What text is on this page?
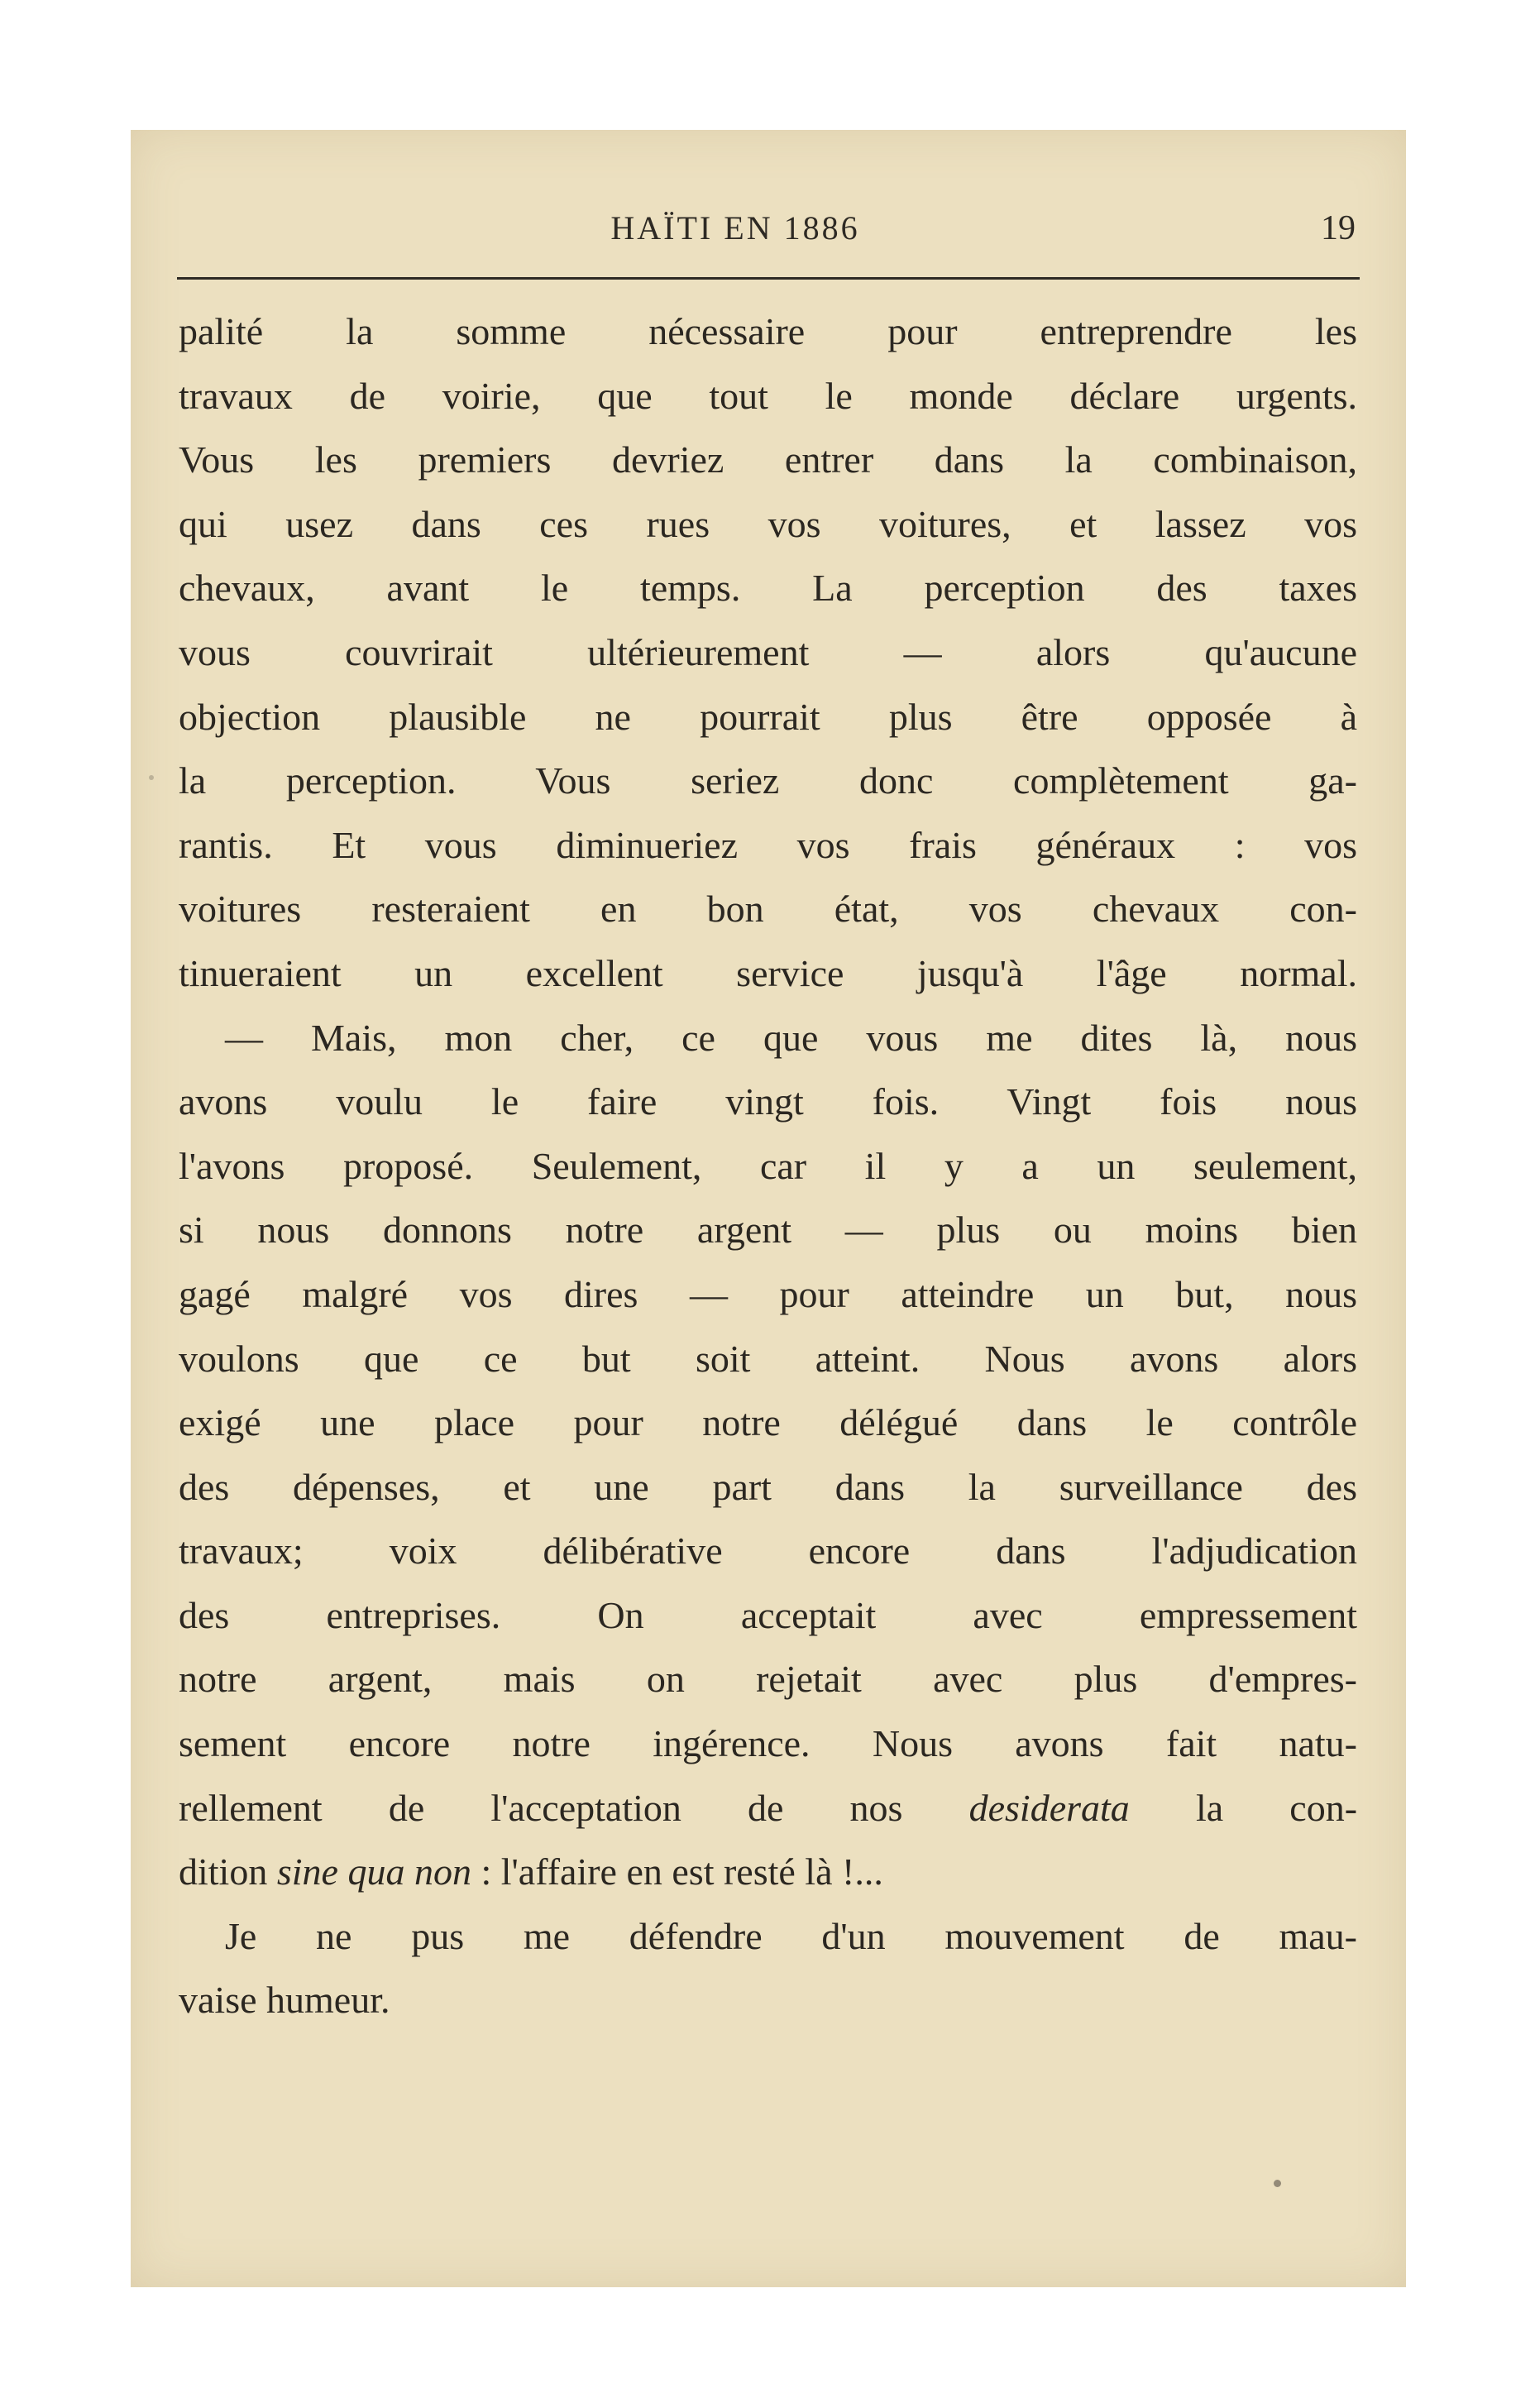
HAÏTI EN 1886	19
palité la somme nécessaire pour entreprendre les
travaux de voirie, que tout le monde déclare urgents.
Vous les premiers devriez entrer dans la combinaison,
qui usez dans ces rues vos voitures, et lassez vos
chevaux, avant le temps. La perception des taxes
vous couvrirait ultérieurement — alors qu'aucune
objection plausible ne pourrait plus être opposée à
la perception. Vous seriez donc complètement ga-
rantis. Et vous diminueriez vos frais généraux : vos
voitures resteraient en bon état, vos chevaux con-
tinueraient un excellent service jusqu'à l'âge normal.
— Mais, mon cher, ce que vous me dites là, nous
avons voulu le faire vingt fois. Vingt fois nous
l'avons proposé. Seulement, car il y a un seulement,
si nous donnons notre argent — plus ou moins bien
gagé malgré vos dires — pour atteindre un but, nous
voulons que ce but soit atteint. Nous avons alors
exigé une place pour notre délégué dans le contrôle
des dépenses, et une part dans la surveillance des
travaux; voix délibérative encore dans l'adjudication
des entreprises. On acceptait avec empressement
notre argent, mais on rejetait avec plus d'empres-
sement encore notre ingérence. Nous avons fait natu-
rellement de l'acceptation de nos desiderata la con-
dition sine qua non : l'affaire en est resté là !...
Je ne pus me défendre d'un mouvement de mau-
vaise humeur.
